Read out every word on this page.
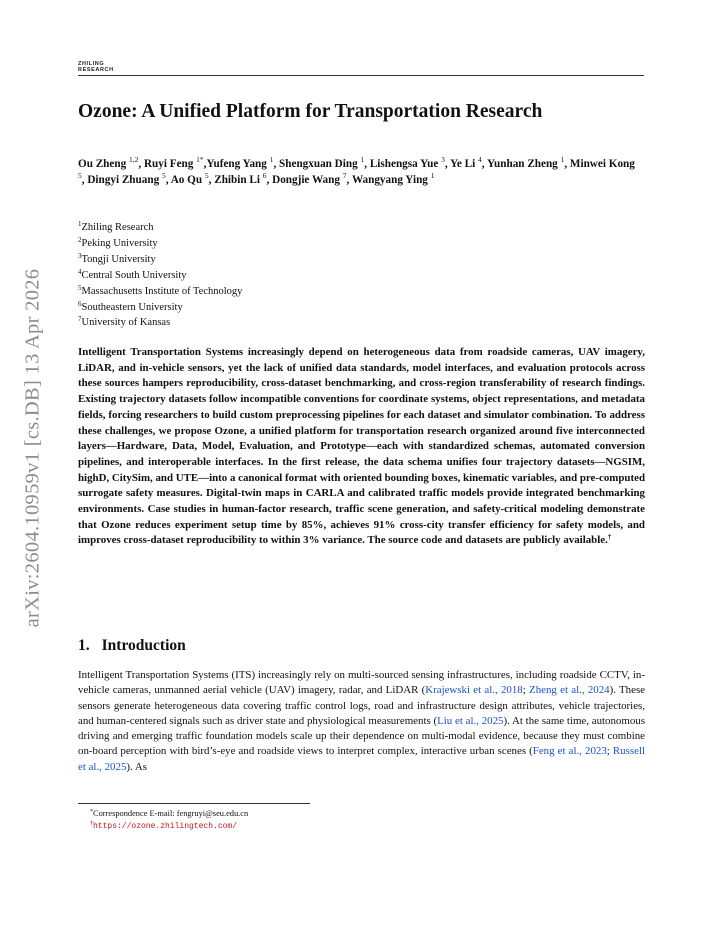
ZHILING
RESEARCH
arXiv:2604.10959v1 [cs.DB] 13 Apr 2026
Ozone: A Unified Platform for Transportation Research
Ou Zheng $^{1,2}$, Ruyi Feng $^{1*}$,Yufeng Yang $^1$, Shengxuan Ding $^1$, Lishengsa Yue $^3$, Ye Li $^4$, Yunhan Zheng $^1$, Minwei Kong $^5$, Dingyi Zhuang $^5$, Ao Qu $^5$, Zhibin Li $^6$, Dongjie Wang $^7$, Wangyang Ying $^1$
$^1$Zhiling Research
$^2$Peking University
$^3$Tongji University
$^4$Central South University
$^5$Massachusetts Institute of Technology
$^6$Southeastern University
$^7$University of Kansas

Intelligent Transportation Systems increasingly depend on heterogeneous data from roadside cameras, UAV imagery, LiDAR, and in-vehicle sensors, yet the lack of unified data standards, model interfaces, and evaluation protocols across these sources hampers reproducibility, cross-dataset benchmarking, and cross-region transferability of research findings. Existing trajectory datasets follow incompatible conventions for coordinate systems, object representations, and metadata fields, forcing researchers to build custom preprocessing pipelines for each dataset and simulator combination. To address these challenges, we propose Ozone, a unified platform for transportation research organized around five interconnected layers—Hardware, Data, Model, Evaluation, and Prototype—each with standardized schemas, automated conversion pipelines, and interoperable interfaces. In the first release, the data schema unifies four trajectory datasets—NGSIM, highD, CitySim, and UTE—into a canonical format with oriented bounding boxes, kinematic variables, and pre-computed surrogate safety measures. Digital-twin maps in CARLA and calibrated traffic models provide integrated benchmarking environments. Case studies in human-factor research, traffic scene generation, and safety-critical modeling demonstrate that Ozone reduces experiment setup time by 85%, achieves 91% cross-city transfer efficiency for safety models, and improves cross-dataset reproducibility to within 3% variance. The source code and datasets are publicly available.†

1. Introduction

Intelligent Transportation Systems (ITS) increasingly rely on multi-sourced sensing infrastructures, including roadside CCTV, in-vehicle cameras, unmanned aerial vehicle (UAV) imagery, radar, and LiDAR (Krajewski et al., 2018; Zheng et al., 2024). These sensors generate heterogeneous data covering traffic control logs, road and infrastructure design attributes, vehicle trajectories, and human-centered signals such as driver state and physiological measurements (Liu et al., 2025). At the same time, autonomous driving and emerging traffic foundation models scale up their dependence on multi-modal evidence, because they must combine on-board perception with bird’s-eye and roadside views to interpret complex, interactive urban scenes (Feng et al., 2023; Russell et al., 2025). As

*Correspondence E-mail: fengruyi@seu.edu.cn
†https://ozone.zhilingtech.com/
